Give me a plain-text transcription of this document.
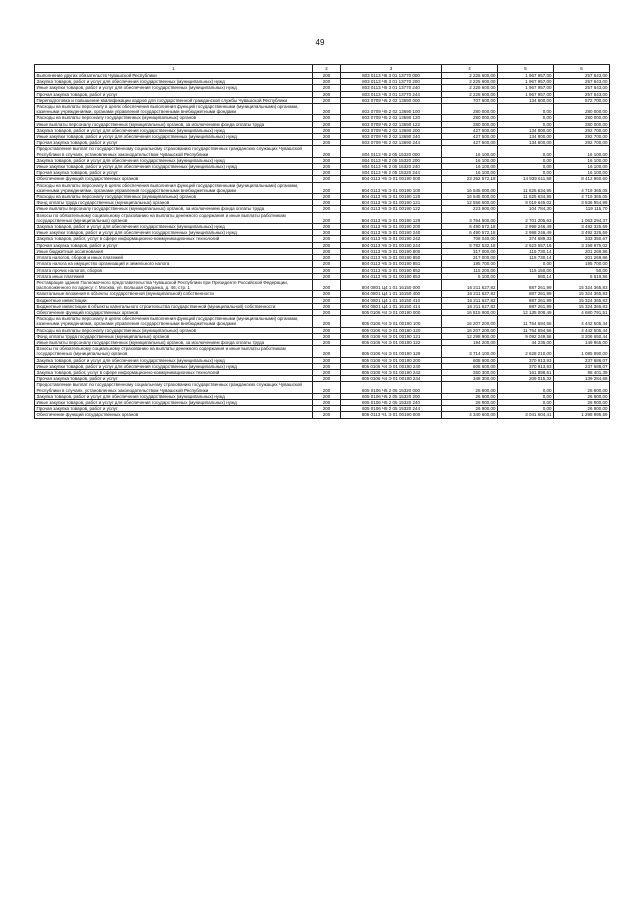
49
1	2	3	4	5	6
Выполнение других обязательств Чувашской Республики	200	803 0113 Ч5 3 01 13770 000	2 225 600,00	1 967 957,00	257 643,00
Закупка товаров, работ и услуг для обеспечения государственных (муниципальных) нужд	200	803 0113 Ч5 3 01 13770 200	2 225 600,00	1 967 957,00	257 643,00
Иные закупки товаров, работ и услуг для обеспечения государственных (муниципальных) нужд	200	803 0113 Ч5 3 01 13770 240	2 225 600,00	1 967 957,00	257 643,00
Прочая закупка товаров, работ и услуг	200	803 0113 Ч5 3 01 13770 244	2 225 600,00	1 967 957,00	257 643,00
Переподготовка и повышение квалификации кадров для государственной гражданской службы Чувашской Республики	200	803 0709 Ч5 2 02 13690 000	707 500,00	134 800,00	572 700,00
Расходы на выплаты персоналу в целях обеспечения выполнения функций государственными (муниципальными) органами, казенными учреждениями, органами управления государственными внебюджетными фондами	200	803 0709 Ч5 2 02 13690 100	280 000,00	0,00	280 000,00
Расходы на выплаты персоналу государственных (муниципальных) органов	200	803 0709 Ч5 2 02 13690 120	280 000,00	0,00	280 000,00
Иные выплаты персоналу государственных (муниципальных) органов, за исключением фонда оплаты труда	200	803 0709 Ч5 2 02 13690 122	280 000,00	0,00	280 000,00
Закупка товаров, работ и услуг для обеспечения государственных (муниципальных) нужд	200	803 0709 Ч5 2 02 13690 200	427 500,00	134 800,00	292 700,00
Иные закупки товаров, работ и услуг для обеспечения государственных (муниципальных) нужд	200	803 0709 Ч5 2 02 13690 240	427 500,00	134 800,00	292 700,00
Прочая закупка товаров, работ и услуг	200	803 0709 Ч5 2 02 13690 244	427 500,00	134 800,00	292 700,00
Предоставление выплат по государственному социальному страхованию государственных гражданских служащих Чувашской Республики в случаях, установленных законодательством Чувашской Республики	200	804 0113 Ч5 2 05 15320 000	16 100,00	0,00	16 100,00
Закупка товаров, работ и услуг для обеспечения государственных (муниципальных) нужд	200	804 0113 Ч5 2 05 15320 200	16 100,00	0,00	16 100,00
Иные закупки товаров, работ и услуг для обеспечения государственных (муниципальных) нужд	200	804 0113 Ч5 2 05 15320 240	16 100,00	0,00	16 100,00
Прочая закупка товаров, работ и услуг	200	804 0113 Ч5 2 05 15320 244	16 100,00	0,00	16 100,00
Обеспечение функций государственных органов	200	804 0113 Ч5 Э 01 00190 000	23 352 572,18	14 939 611,58	8 412 960,60
Расходы на выплаты персоналу в целях обеспечения выполнения функций государственными (муниципальными) органами, казенными учреждениями, органами управления государственными внебюджетными фондами	200	804 0113 Ч5 Э 01 00190 100	16 545 000,00	11 825 634,95	4 719 365,05
Расходы на выплаты персоналу государственных (муниципальных) органов	200	804 0113 Ч5 Э 01 00190 120	16 545 000,00	11 825 634,95	4 719 365,05
Фонд оплаты труда государственных (муниципальных) органов	200	804 0113 Ч5 Э 01 00190 121	12 556 600,00	9 019 645,02	3 536 954,98
Иные выплаты персоналу государственных (муниципальных) органов, за исключением фонда оплаты труда	200	804 0113 Ч5 Э 01 00190 122	223 900,00	104 784,30	119 115,70
Взносы по обязательному социальному страхованию на выплаты денежного содержания и иные выплаты работникам государственных (муниципальных) органов	200	804 0113 Ч5 Э 01 00190 129	3 764 500,00	2 701 205,63	1 063 294,37
Закупка товаров, работ и услуг для обеспечения государственных (муниципальных) нужд	200	804 0113 Ч5 Э 01 00190 200	6 490 572,18	2 998 246,49	3 492 325,69
Иные закупки товаров, работ и услуг для обеспечения государственных (муниципальных) нужд	200	804 0113 Ч5 Э 01 00190 240	6 490 572,18	2 998 246,49	3 492 325,69
Закупка товаров, работ, услуг в сфере информационно-коммуникационных технологий	200	804 0113 Ч5 Э 01 00190 242	708 040,00	374 689,33	333 350,67
Прочая закупка товаров, работ и услуг	200	804 0113 Ч5 Э 01 00190 244	5 782 532,18	2 623 557,16	3 158 975,02
Иные бюджетные ассигнования	200	804 0113 Ч5 Э 01 00190 800	317 000,00	115 730,14	201 269,86
Уплата налогов, сборов и иных платежей	200	804 0113 Ч5 Э 01 00190 850	317 000,00	115 730,14	201 269,86
Уплата налога на имущество организаций и земельного налога	200	804 0113 Ч5 Э 01 00190 851	195 700,00	0,00	195 700,00
Уплата прочих налогов, сборов	200	804 0113 Ч5 Э 01 00190 852	115 200,00	115 150,00	50,00
Уплата иных платежей	200	804 0113 Ч5 Э 01 00190 853	6 100,00	580,14	5 519,86
Реставрация здания Полномочного представительства Чувашской Республики при Президенте Российской Федерации, расположенного по адресу: г. Москва, ул. Большая Ордынка, д. 46, стр. 1	200	804 0801 Ц4 1 01 16150 000	16 211 627,82	887 261,99	15 324 365,83
Капитальные вложения в объекты государственной (муниципальной) собственности	200	804 0801 Ц4 1 01 16150 400	16 211 627,82	887 261,99	15 324 365,83
Бюджетные инвестиции	200	804 0801 Ц4 1 01 16150 410	16 211 627,82	887 261,99	15 324 365,83
Бюджетные инвестиции в объекты капитального строительства государственной (муниципальной) собственности	200	804 0801 Ц4 1 01 16150 414	16 211 627,82	887 261,99	15 324 365,83
Обеспечение функций государственных органов	200	805 0106 Ч4 Э 01 00190 000	16 815 800,00	12 135 008,49	4 680 791,51
Расходы на выплаты персоналу в целях обеспечения выполнения функций государственными (муниципальными) органами, казенными учреждениями, органами управления государственными внебюджетными фондами	200	805 0106 Ч4 Э 01 00190 100	16 207 200,00	11 764 694,56	4 442 505,44
Расходы на выплаты персоналу государственных (муниципальных) органов	200	805 0106 Ч4 Э 01 00190 120	16 207 200,00	11 764 694,56	4 442 505,44
Фонд оплаты труда государственных (муниципальных) органов	200	805 0106 Ч4 Э 01 00190 121	12 298 900,00	9 092 249,56	3 206 650,44
Иные выплаты персоналу государственных (муниципальных) органов, за исключением фонда оплаты труда	200	805 0106 Ч4 Э 01 00190 122	194 200,00	44 235,00	149 965,00
Взносы по обязательному социальному страхованию на выплаты денежного содержания и иные выплаты работникам государственных (муниципальных) органов	200	805 0106 Ч4 Э 01 00190 129	3 714 100,00	2 628 210,00	1 085 890,00
Закупка товаров, работ и услуг для обеспечения государственных (муниципальных) нужд	200	805 0106 Ч4 Э 01 00190 200	608 600,00	370 913,93	237 686,07
Иные закупки товаров, работ и услуг для обеспечения государственных (муниципальных) нужд	200	805 0106 Ч4 Э 01 00190 240	608 600,00	370 913,93	237 686,07
Закупка товаров, работ, услуг в сфере информационно-коммуникационных технологий	200	805 0106 Ч4 Э 01 00190 242	260 300,00	161 898,61	98 401,39
Прочая закупка товаров, работ и услуг	200	805 0106 Ч4 Э 01 00190 244	348 300,00	209 015,32	139 284,68
Предоставление выплат по государственному социальному страхованию государственных гражданских служащих Чувашской Республики в случаях, установленных законодательством Чувашской Республики	200	805 0106 Ч5 2 05 15320 000	26 900,00	0,00	26 900,00
Закупка товаров, работ и услуг для обеспечения государственных (муниципальных) нужд	200	805 0106 Ч5 2 05 15320 200	26 900,00	0,00	26 900,00
Иные закупки товаров, работ и услуг для обеспечения государственных (муниципальных) нужд	200	805 0106 Ч5 2 05 15320 240	26 900,00	0,00	26 900,00
Прочая закупка товаров, работ и услуг	200	805 0106 Ч5 2 05 15320 244	26 900,00	0,00	26 900,00
Обеспечение функций государственных органов	200	806 0113 Ч1 Э 01 00190 000	4 340 600,00	3 041 604,41	1 298 995,59
